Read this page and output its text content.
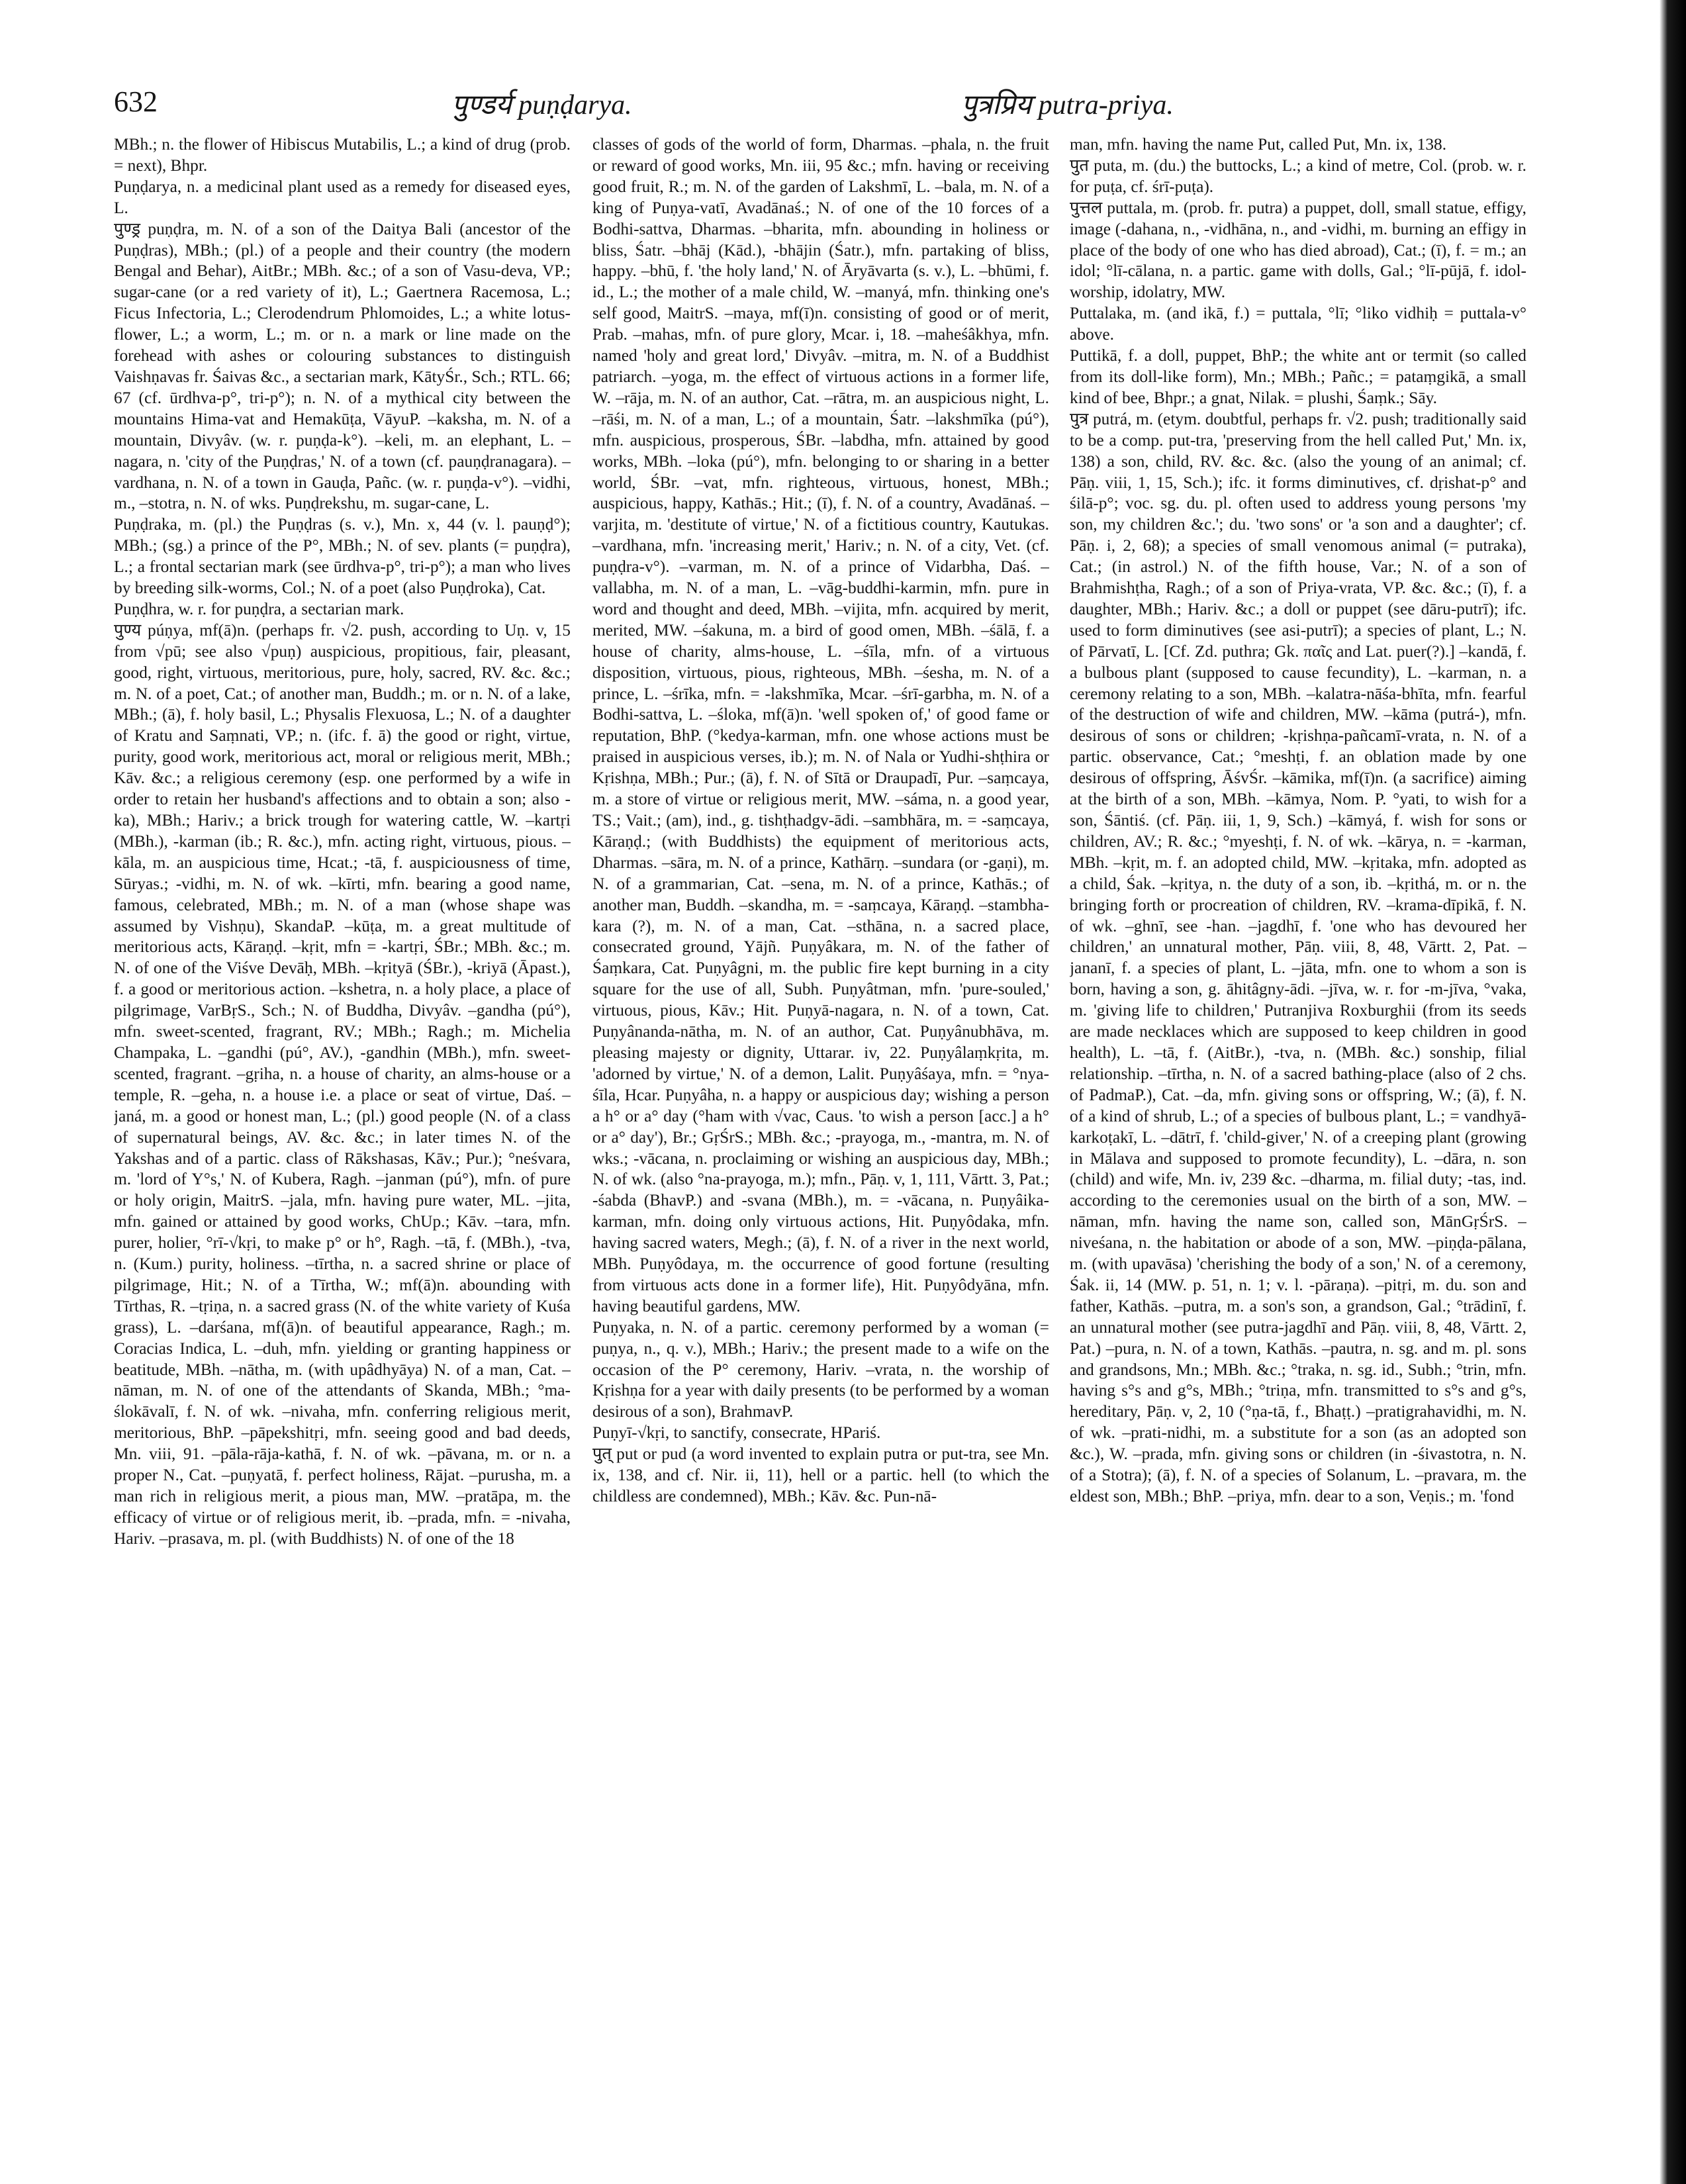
632	पुण्डर्य puṇḍarya.	पुत्रप्रिय putra-priya.

MBh.; n. the flower of Hibiscus Mutabilis, L.; a kind of drug (prob. = next), Bhpr.

Puṇḍarya, n. a medicinal plant used as a remedy for diseased eyes, L.

पुण्ड्र puṇḍra, m. N. of a son of the Daitya Bali (ancestor of the Puṇḍras), MBh.; (pl.) of a people and their country (the modern Bengal and Behar), AitBr.; MBh. &c.; of a son of Vasu-deva, VP.; sugar-cane (or a red variety of it), L.; Gaertnera Racemosa, L.; Ficus Infectoria, L.; Clerodendrum Phlomoides, L.; a white lotus-flower, L.; a worm, L.; m. or n. a mark or line made on the forehead with ashes or colouring substances to distinguish Vaishṇavas fr. Śaivas &c., a sectarian mark, KātyŚr., Sch.; RTL. 66; 67 (cf. ūrdhva-p°, tri-p°); n. N. of a mythical city between the mountains Hima-vat and Hemakūṭa, VāyuP. –kaksha, m. N. of a mountain, Divyâv. (w. r. puṇḍa-k°). –keli, m. an elephant, L. –nagara, n. 'city of the Puṇḍras,' N. of a town (cf. pauṇḍranagara). –vardhana, n. N. of a town in Gauḍa, Pañc. (w. r. puṇḍa-v°). –vidhi, m., –stotra, n. N. of wks. Puṇḍrekshu, m. sugar-cane, L.

Puṇḍraka, m. (pl.) the Puṇḍras (s. v.), Mn. x, 44 (v. l. pauṇḍ°); MBh.; (sg.) a prince of the P°, MBh.; N. of sev. plants (= puṇḍra), L.; a frontal sectarian mark (see ūrdhva-p°, tri-p°); a man who lives by breeding silk-worms, Col.; N. of a poet (also Puṇḍroka), Cat.

Puṇḍhra, w. r. for puṇḍra, a sectarian mark.

पुण्य púṇya, mf(ā)n. (perhaps fr. √2. push, according to Uṇ. v, 15 from √pū; see also √puṇ) auspicious, propitious, fair, pleasant, good, right, virtuous, meritorious, pure, holy, sacred, RV. &c. &c.; m. N. of a poet, Cat.; of another man, Buddh.; m. or n. N. of a lake, MBh.; (ā), f. holy basil, L.; Physalis Flexuosa, L.; N. of a daughter of Kratu and Saṃnati, VP.; n. (ifc. f. ā) the good or right, virtue, purity, good work, meritorious act, moral or religious merit, MBh.; Kāv. &c.; a religious ceremony (esp. one performed by a wife in order to retain her husband's affections and to obtain a son; also -ka), MBh.; Hariv.; a brick trough for watering cattle, W. –kartṛi (MBh.), -karman (ib.; R. &c.), mfn. acting right, virtuous, pious. –kāla, m. an auspicious time, Hcat.; -tā, f. auspiciousness of time, Sūryas.; -vidhi, m. N. of wk. –kīrti, mfn. bearing a good name, famous, celebrated, MBh.; m. N. of a man (whose shape was assumed by Vishṇu), SkandaP. –kūṭa, m. a great multitude of meritorious acts, Kāraṇḍ. –kṛit, mfn = -kartṛi, ŚBr.; MBh. &c.; m. N. of one of the Viśve Devāḥ, MBh. –kṛityā (ŚBr.), -kriyā (Āpast.), f. a good or meritorious action. –kshetra, n. a holy place, a place of pilgrimage, VarBṛS., Sch.; N. of Buddha, Divyâv. –gandha (pú°), mfn. sweet-scented, fragrant, RV.; MBh.; Ragh.; m. Michelia Champaka, L. –gandhi (pú°, AV.), -gandhin (MBh.), mfn. sweet-scented, fragrant. –gṛiha, n. a house of charity, an alms-house or a temple, R. –geha, n. a house i.e. a place or seat of virtue, Daś. –janá, m. a good or honest man, L.; (pl.) good people (N. of a class of supernatural beings, AV. &c. &c.; in later times N. of the Yakshas and of a partic. class of Rākshasas, Kāv.; Pur.); °neśvara, m. 'lord of Y°s,' N. of Kubera, Ragh. –janman (pú°), mfn. of pure or holy origin, MaitrS. –jala, mfn. having pure water, ML. –jita, mfn. gained or attained by good works, ChUp.; Kāv. –tara, mfn. purer, holier, °rī-√kṛi, to make p° or h°, Ragh. –tā, f. (MBh.), -tva, n. (Kum.) purity, holiness. –tīrtha, n. a sacred shrine or place of pilgrimage, Hit.; N. of a Tīrtha, W.; mf(ā)n. abounding with Tīrthas, R. –tṛiṇa, n. a sacred grass (N. of the white variety of Kuśa grass), L. –darśana, mf(ā)n. of beautiful appearance, Ragh.; m. Coracias Indica, L. –duh, mfn. yielding or granting happiness or beatitude, MBh. –nātha, m. (with upâdhyāya) N. of a man, Cat. –nāman, m. N. of one of the attendants of Skanda, MBh.; °ma-ślokāvalī, f. N. of wk. –nivaha, mfn. conferring religious merit, meritorious, BhP. –pāpekshitṛi, mfn. seeing good and bad deeds, Mn. viii, 91. –pāla-rāja-kathā, f. N. of wk. –pāvana, m. or n. a proper N., Cat. –puṇyatā, f. perfect holiness, Rājat. –purusha, m. a man rich in religious merit, a pious man, MW. –pratāpa, m. the efficacy of virtue or of religious merit, ib. –prada, mfn. = -nivaha, Hariv. –prasava, m. pl. (with Buddhists) N. of one of the 18

classes of gods of the world of form, Dharmas. –phala, n. the fruit or reward of good works, Mn. iii, 95 &c.; mfn. having or receiving good fruit, R.; m. N. of the garden of Lakshmī, L. –bala, m. N. of a king of Puṇya-vatī, Avadānaś.; N. of one of the 10 forces of a Bodhi-sattva, Dharmas. –bharita, mfn. abounding in holiness or bliss, Śatr. –bhāj (Kād.), -bhājin (Śatr.), mfn. partaking of bliss, happy. –bhū, f. 'the holy land,' N. of Āryāvarta (s. v.), L. –bhūmi, f. id., L.; the mother of a male child, W. –manyá, mfn. thinking one's self good, MaitrS. –maya, mf(ī)n. consisting of good or of merit, Prab. –mahas, mfn. of pure glory, Mcar. i, 18. –maheśâkhya, mfn. named 'holy and great lord,' Divyâv. –mitra, m. N. of a Buddhist patriarch. –yoga, m. the effect of virtuous actions in a former life, W. –rāja, m. N. of an author, Cat. –rātra, m. an auspicious night, L. –rāśi, m. N. of a man, L.; of a mountain, Śatr. –lakshmīka (pú°), mfn. auspicious, prosperous, ŚBr. –labdha, mfn. attained by good works, MBh. –loka (pú°), mfn. belonging to or sharing in a better world, ŚBr. –vat, mfn. righteous, virtuous, honest, MBh.; auspicious, happy, Kathās.; Hit.; (ī), f. N. of a country, Avadānaś. –varjita, m. 'destitute of virtue,' N. of a fictitious country, Kautukas. –vardhana, mfn. 'increasing merit,' Hariv.; n. N. of a city, Vet. (cf. puṇḍra-v°). –varman, m. N. of a prince of Vidarbha, Daś. –vallabha, m. N. of a man, L. –vāg-buddhi-karmin, mfn. pure in word and thought and deed, MBh. –vijita, mfn. acquired by merit, merited, MW. –śakuna, m. a bird of good omen, MBh. –śālā, f. a house of charity, alms-house, L. –śīla, mfn. of a virtuous disposition, virtuous, pious, righteous, MBh. –śesha, m. N. of a prince, L. –śrīka, mfn. = -lakshmīka, Mcar. –śrī-garbha, m. N. of a Bodhi-sattva, L. –śloka, mf(ā)n. 'well spoken of,' of good fame or reputation, BhP. (°kedya-karman, mfn. one whose actions must be praised in auspicious verses, ib.); m. N. of Nala or Yudhi-shṭhira or Kṛishṇa, MBh.; Pur.; (ā), f. N. of Sītā or Draupadī, Pur. –saṃcaya, m. a store of virtue or religious merit, MW. –sáma, n. a good year, TS.; Vait.; (am), ind., g. tishṭhadgv-ādi. –sambhāra, m. = -saṃcaya, Kāraṇḍ.; (with Buddhists) the equipment of meritorious acts, Dharmas. –sāra, m. N. of a prince, Kathārṇ. –sundara (or -gaṇi), m. N. of a grammarian, Cat. –sena, m. N. of a prince, Kathās.; of another man, Buddh. –skandha, m. = -saṃcaya, Kāraṇḍ. –stambha-kara (?), m. N. of a man, Cat. –sthāna, n. a sacred place, consecrated ground, Yājñ. Puṇyâkara, m. N. of the father of Śaṃkara, Cat. Puṇyâgni, m. the public fire kept burning in a city square for the use of all, Subh. Puṇyâtman, mfn. 'pure-souled,' virtuous, pious, Kāv.; Hit. Puṇyā-nagara, n. N. of a town, Cat. Puṇyânanda-nātha, m. N. of an author, Cat. Puṇyânubhāva, m. pleasing majesty or dignity, Uttarar. iv, 22. Puṇyâlaṃkṛita, m. 'adorned by virtue,' N. of a demon, Lalit. Puṇyâśaya, mfn. = °nya-śīla, Hcar. Puṇyâha, n. a happy or auspicious day; wishing a person a h° or a° day (°ham with √vac, Caus. 'to wish a person [acc.] a h° or a° day'), Br.; GṛŚrS.; MBh. &c.; -prayoga, m., -mantra, m. N. of wks.; -vācana, n. proclaiming or wishing an auspicious day, MBh.; N. of wk. (also °na-prayoga, m.); mfn., Pāṇ. v, 1, 111, Vārtt. 3, Pat.; -śabda (BhavP.) and -svana (MBh.), m. = -vācana, n. Puṇyâika-karman, mfn. doing only virtuous actions, Hit. Puṇyôdaka, mfn. having sacred waters, Megh.; (ā), f. N. of a river in the next world, MBh. Puṇyôdaya, m. the occurrence of good fortune (resulting from virtuous acts done in a former life), Hit. Puṇyôdyāna, mfn. having beautiful gardens, MW.

Puṇyaka, n. N. of a partic. ceremony performed by a woman (= puṇya, n., q. v.), MBh.; Hariv.; the present made to a wife on the occasion of the P° ceremony, Hariv. –vrata, n. the worship of Kṛishṇa for a year with daily presents (to be performed by a woman desirous of a son), BrahmavP.

Puṇyī-√kṛi, to sanctify, consecrate, HPariś.

पुत् put or pud (a word invented to explain putra or put-tra, see Mn. ix, 138, and cf. Nir. ii, 11), hell or a partic. hell (to which the childless are condemned), MBh.; Kāv. &c. Pun-nā-

man, mfn. having the name Put, called Put, Mn. ix, 138.

पुत puta, m. (du.) the buttocks, L.; a kind of metre, Col. (prob. w. r. for puṭa, cf. śrī-puṭa).

पुत्तल puttala, m. (prob. fr. putra) a puppet, doll, small statue, effigy, image (-dahana, n., -vidhāna, n., and -vidhi, m. burning an effigy in place of the body of one who has died abroad), Cat.; (ī), f. = m.; an idol; °lī-cālana, n. a partic. game with dolls, Gal.; °lī-pūjā, f. idol-worship, idolatry, MW.

Puttalaka, m. (and ikā, f.) = puttala, °lī; °liko vidhiḥ = puttala-v° above.

Puttikā, f. a doll, puppet, BhP.; the white ant or termit (so called from its doll-like form), Mn.; MBh.; Pañc.; = pataṃgikā, a small kind of bee, Bhpr.; a gnat, Nilak. = plushi, Śaṃk.; Sāy.

पुत्र putrá, m. (etym. doubtful, perhaps fr. √2. push; traditionally said to be a comp. put-tra, 'preserving from the hell called Put,' Mn. ix, 138) a son, child, RV. &c. &c. (also the young of an animal; cf. Pāṇ. viii, 1, 15, Sch.); ifc. it forms diminutives, cf. dṛishat-p° and śilā-p°; voc. sg. du. pl. often used to address young persons 'my son, my children &c.'; du. 'two sons' or 'a son and a daughter'; cf. Pāṇ. i, 2, 68); a species of small venomous animal (= putraka), Cat.; (in astrol.) N. of the fifth house, Var.; N. of a son of Brahmishṭha, Ragh.; of a son of Priya-vrata, VP. &c. &c.; (ī), f. a daughter, MBh.; Hariv. &c.; a doll or puppet (see dāru-putrī); ifc. used to form diminutives (see asi-putrī); a species of plant, L.; N. of Pārvatī, L. [Cf. Zd. puthra; Gk. παῖς and Lat. puer(?).] –kandā, f. a bulbous plant (supposed to cause fecundity), L. –karman, n. a ceremony relating to a son, MBh. –kalatra-nāśa-bhīta, mfn. fearful of the destruction of wife and children, MW. –kāma (putrá-), mfn. desirous of sons or children; -kṛishṇa-pañcamī-vrata, n. N. of a partic. observance, Cat.; °meshṭi, f. an oblation made by one desirous of offspring, ĀśvŚr. –kāmika, mf(ī)n. (a sacrifice) aiming at the birth of a son, MBh. –kāmya, Nom. P. °yati, to wish for a son, Śāntiś. (cf. Pāṇ. iii, 1, 9, Sch.) –kāmyá, f. wish for sons or children, AV.; R. &c.; °myeshṭi, f. N. of wk. –kārya, n. = -karman, MBh. –kṛit, m. f. an adopted child, MW. –kṛitaka, mfn. adopted as a child, Śak. –kṛitya, n. the duty of a son, ib. –kṛithá, m. or n. the bringing forth or procreation of children, RV. –krama-dīpikā, f. N. of wk. –ghnī, see -han. –jagdhī, f. 'one who has devoured her children,' an unnatural mother, Pāṇ. viii, 8, 48, Vārtt. 2, Pat. –jananī, f. a species of plant, L. –jāta, mfn. one to whom a son is born, having a son, g. āhitâgny-ādi. –jīva, w. r. for -m-jīva, °vaka, m. 'giving life to children,' Putranjiva Roxburghii (from its seeds are made necklaces which are supposed to keep children in good health), L. –tā, f. (AitBr.), -tva, n. (MBh. &c.) sonship, filial relationship. –tīrtha, n. N. of a sacred bathing-place (also of 2 chs. of PadmaP.), Cat. –da, mfn. giving sons or offspring, W.; (ā), f. N. of a kind of shrub, L.; of a species of bulbous plant, L.; = vandhyā-karkoṭakī, L. –dātrī, f. 'child-giver,' N. of a creeping plant (growing in Mālava and supposed to promote fecundity), L. –dāra, n. son (child) and wife, Mn. iv, 239 &c. –dharma, m. filial duty; -tas, ind. according to the ceremonies usual on the birth of a son, MW. –nāman, mfn. having the name son, called son, MānGṛŚrS. –niveśana, n. the habitation or abode of a son, MW. –piṇḍa-pālana, m. (with upavāsa) 'cherishing the body of a son,' N. of a ceremony, Śak. ii, 14 (MW. p. 51, n. 1; v. l. -pāraṇa). –pitṛi, m. du. son and father, Kathās. –putra, m. a son's son, a grandson, Gal.; °trādinī, f. an unnatural mother (see putra-jagdhī and Pāṇ. viii, 8, 48, Vārtt. 2, Pat.) –pura, n. N. of a town, Kathās. –pautra, n. sg. and m. pl. sons and grandsons, Mn.; MBh. &c.; °traka, n. sg. id., Subh.; °trin, mfn. having s°s and g°s, MBh.; °triṇa, mfn. transmitted to s°s and g°s, hereditary, Pāṇ. v, 2, 10 (°ṇa-tā, f., Bhaṭṭ.) –pratigrahavidhi, m. N. of wk. –prati-nidhi, m. a substitute for a son (as an adopted son &c.), W. –prada, mfn. giving sons or children (in -śivastotra, n. N. of a Stotra); (ā), f. N. of a species of Solanum, L. –pravara, m. the eldest son, MBh.; BhP. –priya, mfn. dear to a son, Veṇis.; m. 'fond
